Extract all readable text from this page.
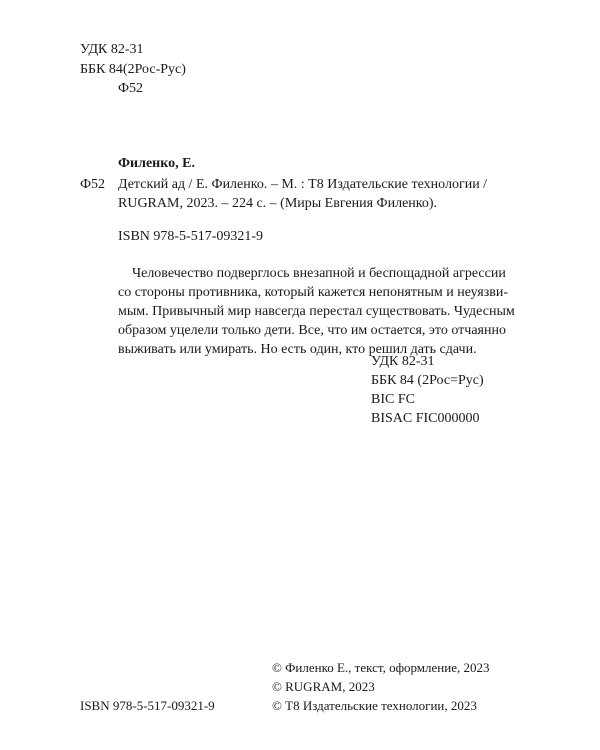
УДК 82-31
ББК 84(2Рос-Рус)
Ф52
Филенко, Е.
Ф52 Детский ад / Е. Филенко. – М. : Т8 Издательские технологии /
RUGRAM, 2023. – 224 с. – (Миры Евгения Филенко).
ISBN 978-5-517-09321-9
Человечество подверглось внезапной и беспощадной агрессии
со стороны противника, который кажется непонятным и неуязви-
мым. Привычный мир навсегда перестал существовать. Чудесным
образом уцелели только дети. Все, что им остается, это отчаянно
выживать или умирать. Но есть один, кто решил дать сдачи.
УДК 82-31
ББК 84 (2Рос=Рус)
BIC FC
BISAC FIC000000
© Филенко Е., текст, оформление, 2023
© RUGRAM, 2023
© Т8 Издательские технологии, 2023
ISBN 978-5-517-09321-9
